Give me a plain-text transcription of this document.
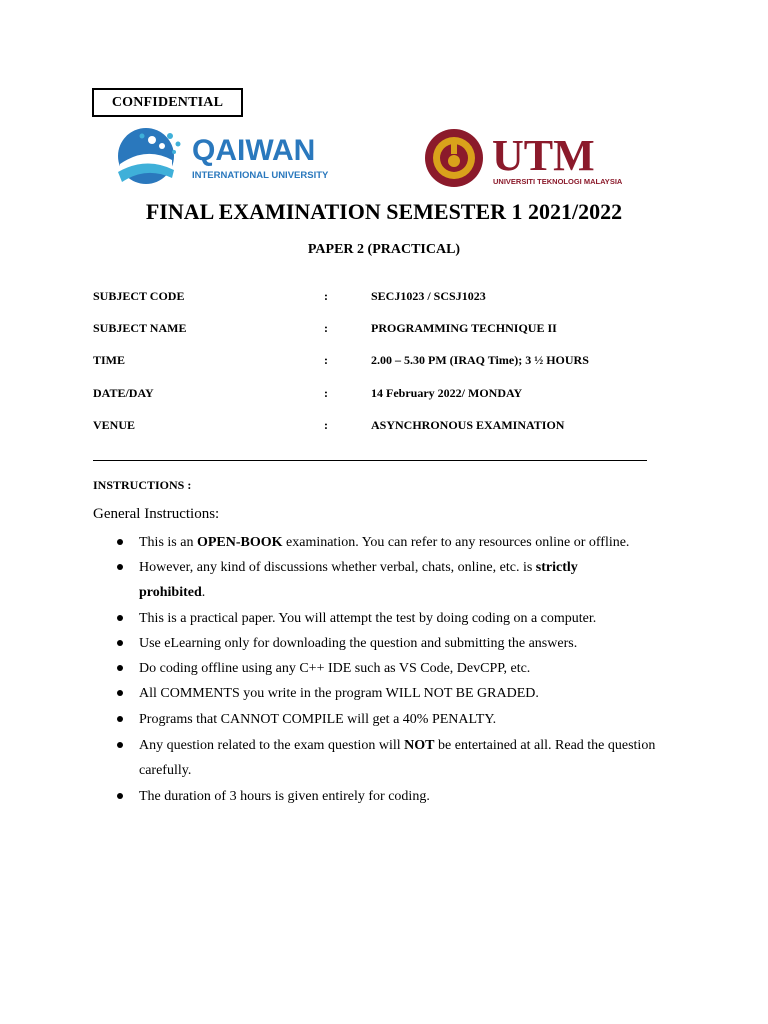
CONFIDENTIAL
QAIWAN
INTERNATIONAL UNIVERSITY	UTM
UNIVERSITI TEKNOLOGI MALAYSIA
FINAL EXAMINATION SEMESTER 1 2021/2022
PAPER 2 (PRACTICAL)
SUBJECT CODE	:	SECJ1023 / SCSJ1023
SUBJECT NAME	:	PROGRAMMING TECHNIQUE II
TIME	:	2.00 – 5.30 PM (IRAQ Time); 3 ½ HOURS
DATE/DAY	:	14 February 2022/ MONDAY
VENUE	:	ASYNCHRONOUS EXAMINATION
INSTRUCTIONS :
General Instructions:
This is an OPEN-BOOK examination. You can refer to any resources online or offline.
However, any kind of discussions whether verbal, chats, online, etc. is strictly prohibited.
This is a practical paper. You will attempt the test by doing coding on a computer.
Use eLearning only for downloading the question and submitting the answers.
Do coding offline using any C++ IDE such as VS Code, DevCPP, etc.
All COMMENTS you write in the program WILL NOT BE GRADED.
Programs that CANNOT COMPILE will get a 40% PENALTY.
Any question related to the exam question will NOT be entertained at all. Read the question carefully.
The duration of 3 hours is given entirely for coding.
